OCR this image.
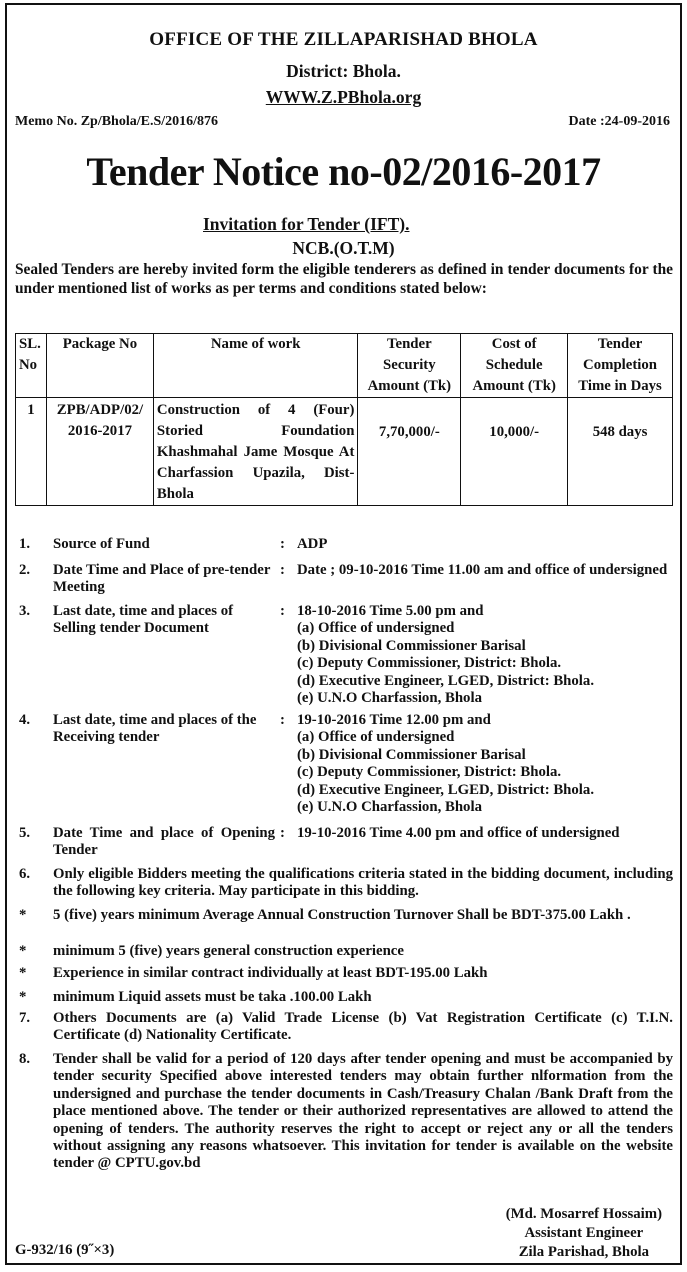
OFFICE OF THE ZILLAPARISHAD BHOLA
District: Bhola.
WWW.Z.PBhola.org
Memo No. Zp/Bhola/E.S/2016/876	Date :24-09-2016
Tender Notice no-02/2016-2017
Invitation for Tender (IFT).
NCB.(O.T.M)
Sealed Tenders are hereby invited form the eligible tenderers as defined in tender documents for the under mentioned list of works as per terms and conditions stated below:
SL. No	Package No	Name of work	Tender Security Amount (Tk)	Cost of Schedule Amount (Tk)	Tender Completion Time in Days
1	ZPB/ADP/02/ 2016-2017	Construction of 4 (Four) Storied Foundation Khashmahal Jame Mosque At Charfassion Upazila, Dist-Bhola	7,70,000/-	10,000/-	548 days
1. Source of Fund	: ADP
2. Date Time and Place of pre-tender Meeting
: Date ; 09-10-2016 Time 11.00 am and office of undersigned
3. Last date, time and places of Selling tender Document
: 18-10-2016 Time 5.00 pm and
(a) Office of undersigned
(b) Divisional Commissioner Barisal
(c) Deputy Commissioner, District: Bhola.
(d) Executive Engineer, LGED, District: Bhola.
(e) U.N.O Charfassion, Bhola
4. Last date, time and places of the Receiving tender
: 19-10-2016 Time 12.00 pm and
(a) Office of undersigned
(b) Divisional Commissioner Barisal
(c) Deputy Commissioner, District: Bhola.
(d) Executive Engineer, LGED, District: Bhola.
(e) U.N.O Charfassion, Bhola
5. Date Time and place of Opening Tender
: 19-10-2016 Time 4.00 pm and office of undersigned
6. Only eligible Bidders meeting the qualifications criteria stated in the bidding document, including the following key criteria. May participate in this bidding.
* 5 (five) years minimum Average Annual Construction Turnover Shall be BDT-375.00 Lakh .
* minimum 5 (five) years general construction experience
* Experience in similar contract individually at least BDT-195.00 Lakh
* minimum Liquid assets must be taka .100.00 Lakh
7. Others Documents are (a) Valid Trade License (b) Vat Registration Certificate (c) T.I.N. Certificate (d) Nationality Certificate.
8. Tender shall be valid for a period of 120 days after tender opening and must be accompanied by tender security Specified above interested tenders may obtain further nlformation from the undersigned and purchase the tender documents in Cash/Treasury Chalan /Bank Draft from the place mentioned above. The tender or their authorized representatives are allowed to attend the opening of tenders. The authority reserves the right to accept or reject any or all the tenders without assigning any reasons whatsoever. This invitation for tender is available on the website tender @ CPTU.gov.bd
(Md. Mosarref Hossaim)
Assistant Engineer
Zila Parishad, Bhola
G-932/16 (9˝×3)
